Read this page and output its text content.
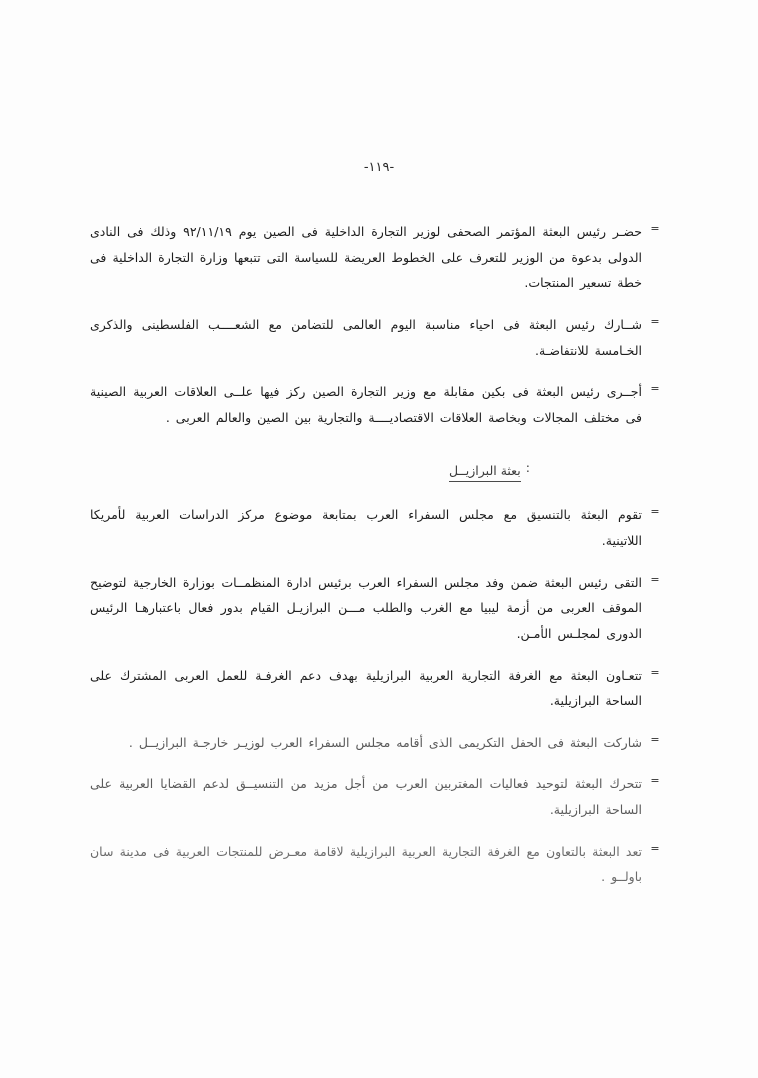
-۱۱۹-
=
حضـر رئيس البعثة المؤتمر الصحفى لوزير التجارة الداخلية فى الصين يوم ٩٢/١١/١٩ وذلك فى النادى الدولى بدعوة من الوزير للتعرف على الخطوط العريضة للسياسة التى تتبعها وزارة التجارة الداخلية فى خطة تسعير المنتجات.
=
شــارك رئيس البعثة فى احياء مناسبة اليوم العالمى للتضامن مع الشعــــب الفلسطينى والذكرى الخـامسة للانتفاضـة.
=
أجــرى رئيس البعثة فى بكين مقابلة مع وزير التجارة الصين ركز فيها علــى العلاقات العربية الصينية فى مختلف المجالات وبخاصة العلاقات الاقتصاديــــة والتجارية بين الصين والعالم العربى .
: بعثة البرازيــل
=
تقوم البعثة بالتنسيق مع مجلس السفراء العرب بمتابعة موضوع مركز الدراسات العربية لأمريكا اللاتينية.
=
التقى رئيس البعثة ضمن وفد مجلس السفراء العرب برئيس ادارة المنظمــات بوزارة الخارجية لتوضيح الموقف العربى من أزمة ليبيا مع الغرب والطلب مـــن البرازيـل القيام بدور فعال باعتبارهـا الرئيس الدورى لمجلـس الأمـن.
=
تتعـاون البعثة مع الغرفة التجارية العربية البرازيلية بهدف دعم الغرفـة للعمل العربى المشترك على الساحة البرازيلية.
=
شاركت البعثة فى الحفل التكريمى الذى أقامه مجلس السفراء العرب لوزيـر خارجـة البرازيــل .
=
تتحرك البعثة لتوحيد فعاليات المغتربين العرب من أجل مزيد من التنسيــق لدعم القضايا العربية على الساحة البرازيلية.
=
تعد البعثة بالتعاون مع الغرفة التجارية العربية البرازيلية لاقامة معـرض للمنتجات العربية فى مدينة سان باولــو .
